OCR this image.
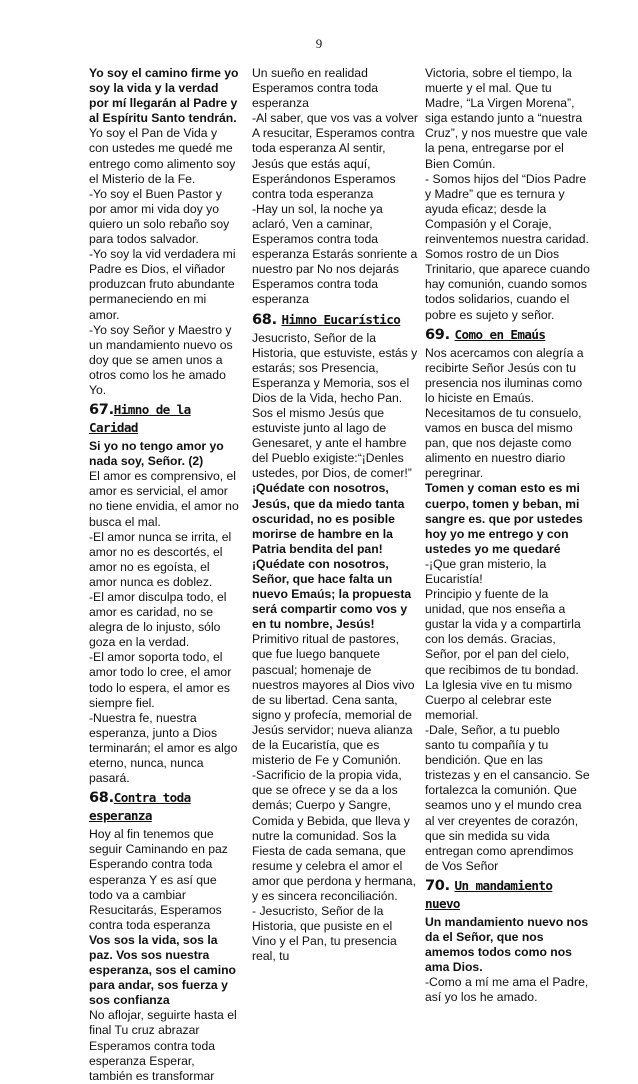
9

Yo soy el camino firme yo soy la vida y la verdad por mí llegarán al Padre y al Espíritu Santo tendrán.

Yo soy el Pan de Vida y con ustedes me quedé me entrego como alimento soy el Misterio de la Fe.

-Yo soy el Buen Pastor y por amor mi vida doy yo quiero un solo rebaño soy para todos salvador.

-Yo soy la vid verdadera mi Padre es Dios, el viñador produzcan fruto abundante permaneciendo en mi amor.

-Yo soy Señor y Maestro y un mandamiento nuevo os doy que se amen unos a otros como los he amado Yo.

67.Himno de la Caridad

Si yo no tengo amor yo nada soy, Señor. (2)

El amor es comprensivo, el amor es servicial, el amor no tiene envidia, el amor no busca el mal.

-El amor nunca se irrita, el amor no es descortés, el amor no es egoísta, el amor nunca es doblez.

-El amor disculpa todo, el amor es caridad, no se alegra de lo injusto, sólo goza en la verdad.

-El amor soporta todo, el amor todo lo cree, el amor todo lo espera, el amor es siempre fiel.

-Nuestra fe, nuestra esperanza, junto a Dios terminarán; el amor es algo eterno, nunca, nunca pasará.

68.Contra toda esperanza

Hoy al fin tenemos que seguir Caminando en paz Esperando contra toda esperanza Y es así que todo va a cambiar Resucitarás, Esperamos contra toda esperanza

Vos sos la vida, sos la paz. Vos sos nuestra esperanza, sos el camino para andar, sos fuerza y sos confianza

No aflojar, seguirte hasta el final Tu cruz abrazar Esperamos contra toda esperanza Esperar, también es transformar

Un sueño en realidad Esperamos contra toda esperanza

-Al saber, que vos vas a volver A resucitar, Esperamos contra toda esperanza Al sentir, Jesús que estás aquí, Esperándonos Esperamos contra toda esperanza

-Hay un sol, la noche ya aclaró, Ven a caminar, Esperamos contra toda esperanza Estarás sonriente a nuestro par No nos dejarás Esperamos contra toda esperanza

68. Himno Eucarístico

Jesucristo, Señor de la Historia, que estuviste, estás y estarás; sos Presencia, Esperanza y Memoria, sos el Dios de la Vida, hecho Pan.

Sos el mismo Jesús que estuviste junto al lago de Genesaret, y ante el hambre del Pueblo exigiste:“¡Denles ustedes, por Dios, de comer!”

¡Quédate con nosotros, Jesús, que da miedo tanta oscuridad, no es posible morirse de hambre en la Patria bendita del pan! ¡Quédate con nosotros, Señor, que hace falta un nuevo Emaús; la propuesta será compartir como vos y en tu nombre, Jesús!

Primitivo ritual de pastores, que fue luego banquete pascual; homenaje de nuestros mayores al Dios vivo de su libertad. Cena santa, signo y profecía, memorial de Jesús servidor; nueva alianza de la Eucaristía, que es misterio de Fe y Comunión.

-Sacrificio de la propia vida, que se ofrece y se da a los demás; Cuerpo y Sangre, Comida y Bebida, que lleva y nutre la comunidad. Sos la Fiesta de cada semana, que resume y celebra el amor el amor que perdona y hermana, y es sincera reconciliación.

- Jesucristo, Señor de la Historia, que pusiste en el Vino y el Pan, tu presencia real, tu

Victoria, sobre el tiempo, la muerte y el mal. Que tu Madre, “La Virgen Morena”, siga estando junto a “nuestra Cruz”, y nos muestre que vale la pena, entregarse por el Bien Común.

- Somos hijos del “Dios Padre y Madre” que es ternura y ayuda eficaz; desde la Compasión y el Coraje, reinventemos nuestra caridad. Somos rostro de un Dios Trinitario, que aparece cuando hay comunión, cuando somos todos solidarios, cuando el pobre es sujeto y señor.

69. Como en Emaús

Nos acercamos con alegría a recibirte Señor Jesús con tu presencia nos iluminas como lo hiciste en Emaús. Necesitamos de tu consuelo, vamos en busca del mismo pan, que nos dejaste como alimento en nuestro diario peregrinar.

Tomen y coman esto es mi cuerpo, tomen y beban, mi sangre es. que por ustedes hoy yo me entrego y con ustedes yo me quedaré

-¡Que gran misterio, la Eucaristía!

Principio y fuente de la unidad, que nos enseña a gustar la vida y a compartirla con los demás. Gracias, Señor, por el pan del cielo, que recibimos de tu bondad. La Iglesia vive en tu mismo Cuerpo al celebrar este memorial.

-Dale, Señor, a tu pueblo santo tu compañía y tu bendición. Que en las tristezas y en el cansancio. Se fortalezca la comunión. Que seamos uno y el mundo crea al ver creyentes de corazón, que sin medida su vida entregan como aprendimos de Vos Señor

70. Un mandamiento nuevo

Un mandamiento nuevo nos da el Señor, que nos amemos todos como nos ama Dios.

-Como a mí me ama el Padre, así yo los he amado.
